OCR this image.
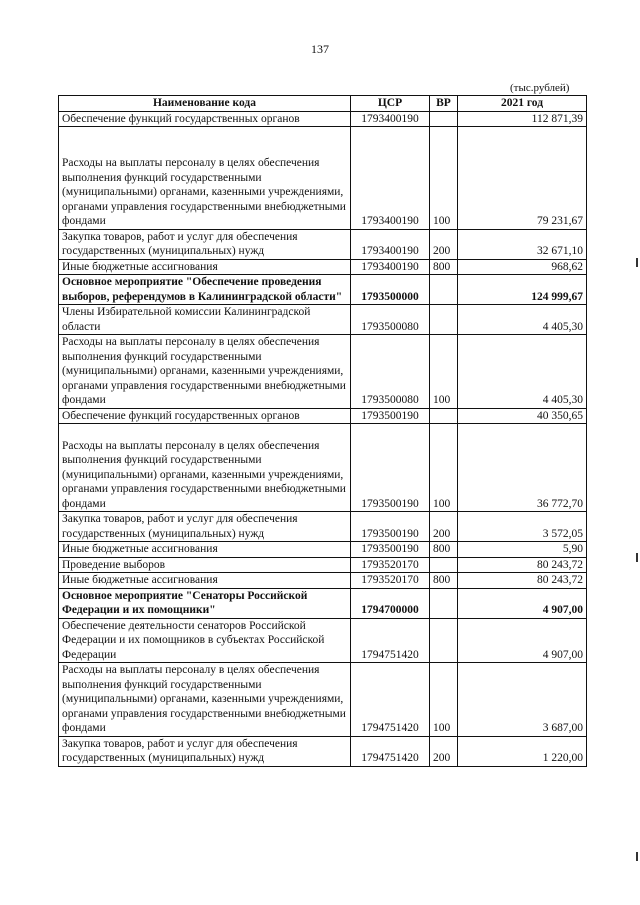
137
(тыс.рублей)
Наименование кода	ЦСР	ВР	2021 год
Обеспечение функций государственных органов	1793400190		112 871,39

Расходы на выплаты персоналу в целях обеспечения выполнения функций государственными (муниципальными) органами, казенными учреждениями, органами управления государственными внебюджетными фондами	1793400190	100	79 231,67
Закупка товаров, работ и услуг для обеспечения государственных (муниципальных) нужд	1793400190	200	32 671,10
Иные бюджетные ассигнования	1793400190	800	968,62
Основное мероприятие "Обеспечение проведения выборов, референдумов в Калининградской области"	1793500000		124 999,67
Члены Избирательной комиссии Калининградской области	1793500080		4 405,30
Расходы на выплаты персоналу в целях обеспечения выполнения функций государственными (муниципальными) органами, казенными учреждениями, органами управления государственными внебюджетными фондами	1793500080	100	4 405,30
Обеспечение функций государственных органов	1793500190		40 350,65

Расходы на выплаты персоналу в целях обеспечения выполнения функций государственными (муниципальными) органами, казенными учреждениями, органами управления государственными внебюджетными фондами	1793500190	100	36 772,70
Закупка товаров, работ и услуг для обеспечения государственных (муниципальных) нужд	1793500190	200	3 572,05
Иные бюджетные ассигнования	1793500190	800	5,90
Проведение выборов	1793520170		80 243,72
Иные бюджетные ассигнования	1793520170	800	80 243,72
Основное мероприятие "Сенаторы Российской Федерации и их помощники"	1794700000		4 907,00
Обеспечение деятельности сенаторов Российской Федерации и их помощников в субъектах Российской Федерации	1794751420		4 907,00
Расходы на выплаты персоналу в целях обеспечения выполнения функций государственными (муниципальными) органами, казенными учреждениями, органами управления государственными внебюджетными фондами	1794751420	100	3 687,00
Закупка товаров, работ и услуг для обеспечения государственных (муниципальных) нужд	1794751420	200	1 220,00
